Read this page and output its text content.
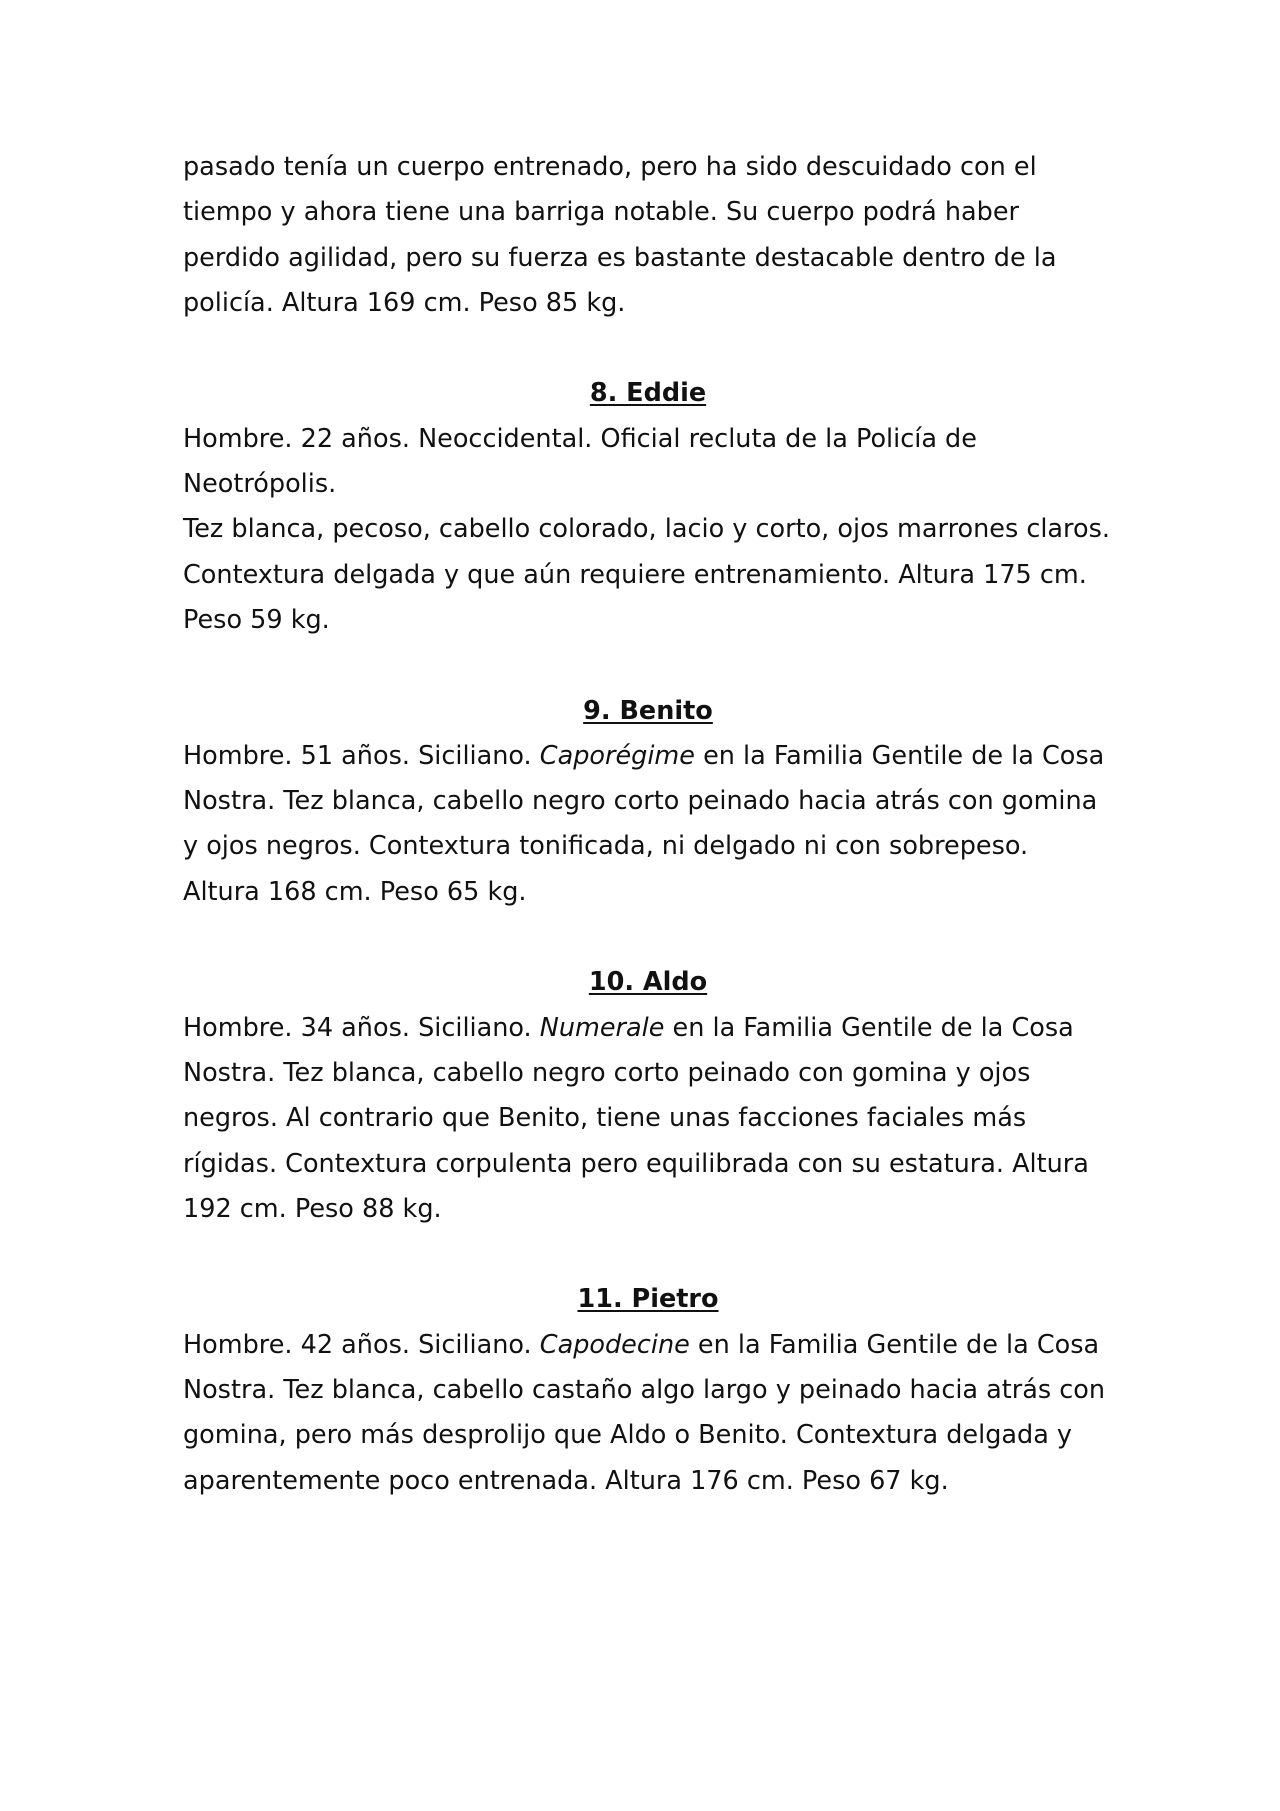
pasado tenía un cuerpo entrenado, pero ha sido descuidado con el tiempo y ahora tiene una barriga notable. Su cuerpo podrá haber perdido agilidad, pero su fuerza es bastante destacable dentro de la policía. Altura 169 cm. Peso 85 kg.

8. Eddie

Hombre. 22 años. Neoccidental. Oficial recluta de la Policía de Neotrópolis.

Tez blanca, pecoso, cabello colorado, lacio y corto, ojos marrones claros. Contextura delgada y que aún requiere entrenamiento. Altura 175 cm. Peso 59 kg.

9. Benito

Hombre. 51 años. Siciliano. Caporégime en la Familia Gentile de la Cosa Nostra. Tez blanca, cabello negro corto peinado hacia atrás con gomina y ojos negros. Contextura tonificada, ni delgado ni con sobrepeso. Altura 168 cm. Peso 65 kg.

10. Aldo

Hombre. 34 años. Siciliano. Numerale en la Familia Gentile de la Cosa Nostra. Tez blanca, cabello negro corto peinado con gomina y ojos negros. Al contrario que Benito, tiene unas facciones faciales más rígidas. Contextura corpulenta pero equilibrada con su estatura. Altura 192 cm. Peso 88 kg.

11. Pietro

Hombre. 42 años. Siciliano. Capodecine en la Familia Gentile de la Cosa Nostra. Tez blanca, cabello castaño algo largo y peinado hacia atrás con gomina, pero más desprolijo que Aldo o Benito. Contextura delgada y aparentemente poco entrenada. Altura 176 cm. Peso 67 kg.
